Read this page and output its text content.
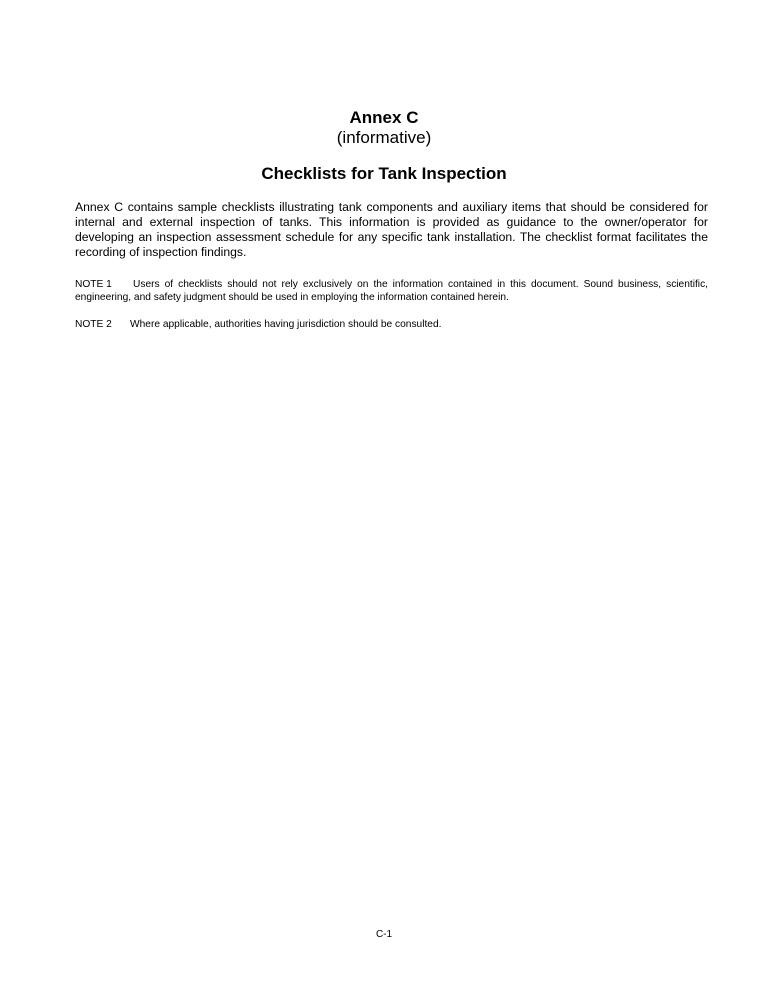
Annex C
(informative)
Checklists for Tank Inspection

Annex C contains sample checklists illustrating tank components and auxiliary items that should be considered for internal and external inspection of tanks. This information is provided as guidance to the owner/operator for developing an inspection assessment schedule for any specific tank installation. The checklist format facilitates the recording of inspection findings.

NOTE 1 Users of checklists should not rely exclusively on the information contained in this document. Sound business, scientific, engineering, and safety judgment should be used in employing the information contained herein.

NOTE 2 Where applicable, authorities having jurisdiction should be consulted.

C-1
